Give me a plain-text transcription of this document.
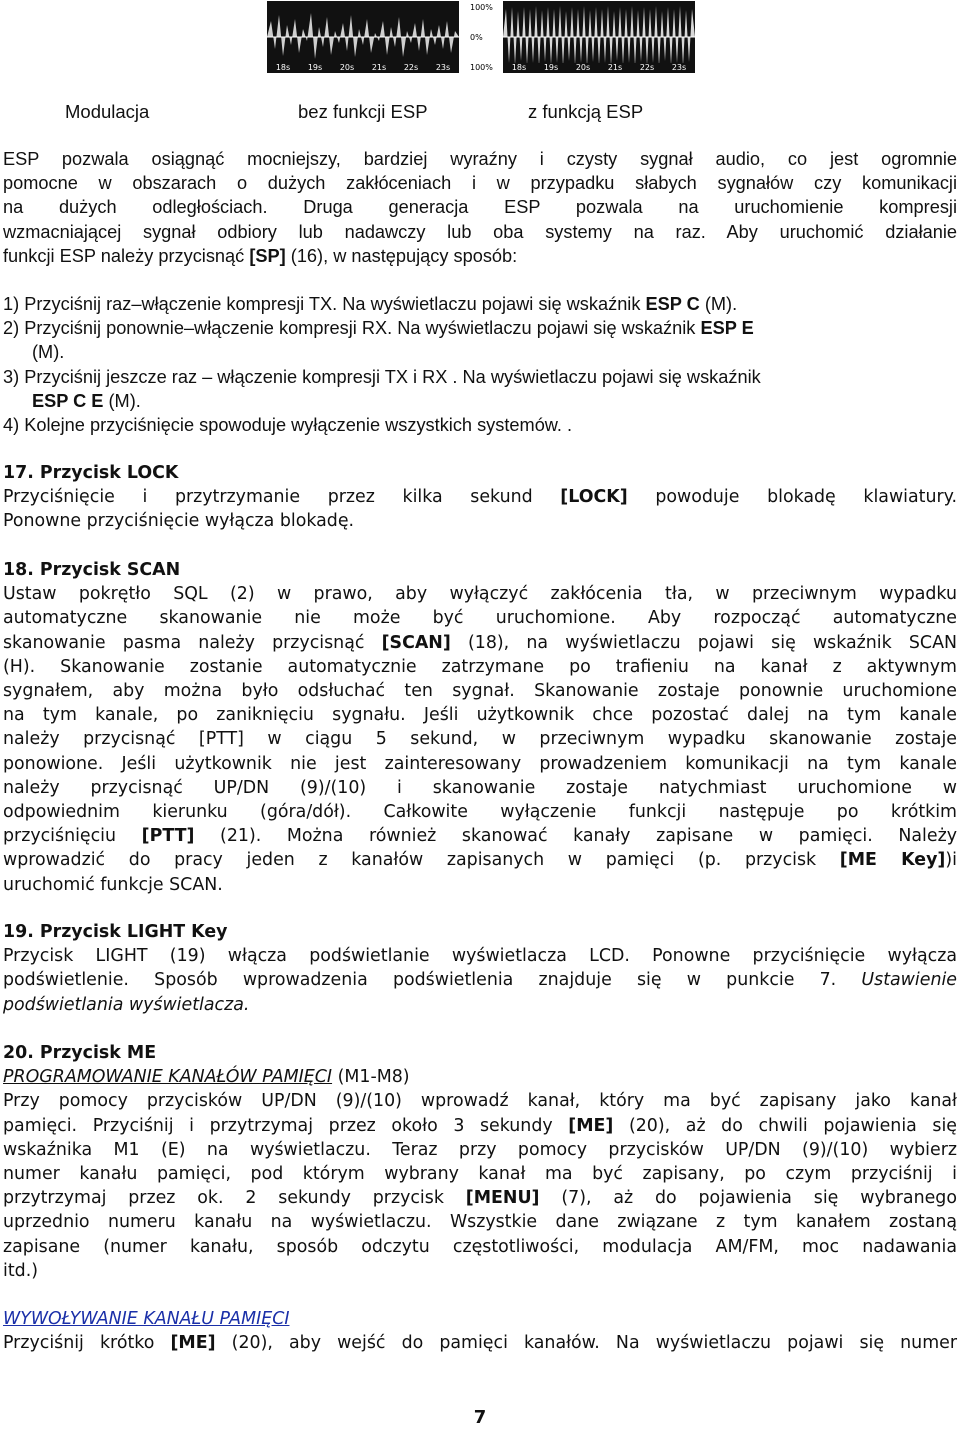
100%
0%
100%
18s 19s 20s 21s 22s 23s	18s 19s 20s 21s 22s 23s
Modulacja	bez funkcji ESP	z funkcją ESP

ESP pozwala osiągnąć mocniejszy, bardziej wyraźny i czysty sygnał audio, co jest ogromnie

pomocne w obszarach o dużych zakłóceniach i w przypadku słabych sygnałów czy komunikacji

na dużych odległościach. Druga generacja ESP pozwala na uruchomienie kompresji

wzmacniającej sygnał odbiory lub nadawczy lub oba systemy na raz. Aby uruchomić działanie

funkcji ESP należy przycisnąć [SP] (16), w następujący sposób:

1) Przyciśnij raz–włączenie kompresji TX. Na wyświetlaczu pojawi się wskaźnik ESP C (M).

2) Przyciśnij ponownie–włączenie kompresji RX. Na wyświetlaczu pojawi się wskaźnik ESP E

(M).

3) Przyciśnij jeszcze raz – włączenie kompresji TX i RX . Na wyświetlaczu pojawi się wskaźnik

ESP C E (M).

4) Kolejne przyciśnięcie spowoduje wyłączenie wszystkich systemów. .

17. Przycisk LOCK

Przyciśnięcie i przytrzymanie przez kilka sekund [LOCK] powoduje blokadę klawiatury.

Ponowne przyciśnięcie wyłącza blokadę.

18. Przycisk SCAN

Ustaw pokrętło SQL (2) w prawo, aby wyłączyć zakłócenia tła, w przeciwnym wypadku

automatyczne skanowanie nie może być uruchomione. Aby rozpocząć automatyczne

skanowanie pasma należy przycisnąć [SCAN] (18), na wyświetlaczu pojawi się wskaźnik SCAN

(H). Skanowanie zostanie automatycznie zatrzymane po trafieniu na kanał z aktywnym

sygnałem, aby można było odsłuchać ten sygnał. Skanowanie zostaje ponownie uruchomione

na tym kanale, po zaniknięciu sygnału. Jeśli użytkownik chce pozostać dalej na tym kanale

należy przycisnąć [PTT] w ciągu 5 sekund, w przeciwnym wypadku skanowanie zostaje

ponowione. Jeśli użytkownik nie jest zainteresowany prowadzeniem komunikacji na tym kanale

należy przycisnąć UP/DN (9)/(10) i skanowanie zostaje natychmiast uruchomione w

odpowiednim kierunku (góra/dół). Całkowite wyłączenie funkcji następuje po krótkim

przyciśnięciu [PTT] (21). Można również skanować kanały zapisane w pamięci. Należy

wprowadzić do pracy jeden z kanałów zapisanych w pamięci (p. przycisk [ME Key])i

uruchomić funkcje SCAN.

19. Przycisk LIGHT Key

Przycisk LIGHT (19) włącza podświetlanie wyświetlacza LCD. Ponowne przyciśnięcie wyłącza

podświetlenie. Sposób wprowadzenia podświetlenia znajduje się w punkcie 7. Ustawienie

podświetlania wyświetlacza.

20. Przycisk ME

PROGRAMOWANIE KANAŁÓW PAMIĘCI (M1-M8)

Przy pomocy przycisków UP/DN (9)/(10) wprowadź kanał, który ma być zapisany jako kanał

pamięci. Przyciśnij i przytrzymaj przez około 3 sekundy [ME] (20), aż do chwili pojawienia się

wskaźnika M1 (E) na wyświetlaczu. Teraz przy pomocy przycisków UP/DN (9)/(10) wybierz

numer kanału pamięci, pod którym wybrany kanał ma być zapisany, po czym przyciśnij i

przytrzymaj przez ok. 2 sekundy przycisk [MENU] (7), aż do pojawienia się wybranego

uprzednio numeru kanału na wyświetlaczu. Wszystkie dane związane z tym kanałem zostaną

zapisane (numer kanału, sposób odczytu częstotliwości, modulacja AM/FM, moc nadawania

itd.)

WYWOŁYWANIE KANAŁU PAMIĘCI

Przyciśnij krótko [ME] (20), aby wejść do pamięci kanałów. Na wyświetlaczu pojawi się numer

7
